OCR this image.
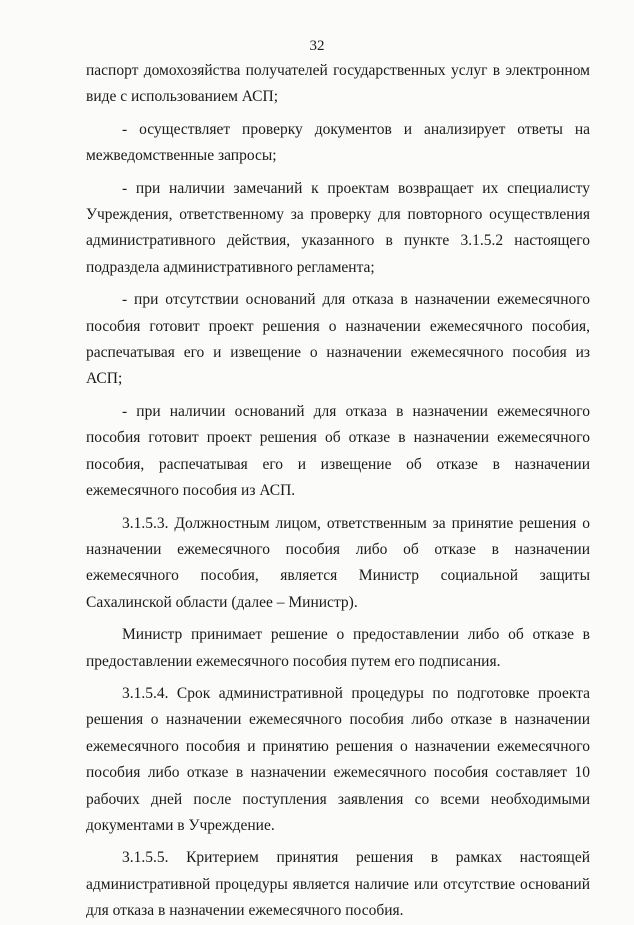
32

паспорт домохозяйства получателей государственных услуг в электронном виде с использованием АСП;

- осуществляет проверку документов и анализирует ответы на межведомственные запросы;

- при наличии замечаний к проектам возвращает их специалисту Учреждения, ответственному за проверку для повторного осуществления административного действия, указанного в пункте 3.1.5.2 настоящего подраздела административного регламента;

- при отсутствии оснований для отказа в назначении ежемесячного пособия готовит проект решения о назначении ежемесячного пособия, распечатывая его и извещение о назначении ежемесячного пособия из АСП;

- при наличии оснований для отказа в назначении ежемесячного пособия готовит проект решения об отказе в назначении ежемесячного пособия, распечатывая его и извещение об отказе в назначении ежемесячного пособия из АСП.

3.1.5.3. Должностным лицом, ответственным за принятие решения о назначении ежемесячного пособия либо об отказе в назначении ежемесячного пособия, является Министр социальной защиты Сахалинской области (далее – Министр).

Министр принимает решение о предоставлении либо об отказе в предоставлении ежемесячного пособия путем его подписания.

3.1.5.4. Срок административной процедуры по подготовке проекта решения о назначении ежемесячного пособия либо отказе в назначении ежемесячного пособия и принятию решения о назначении ежемесячного пособия либо отказе в назначении ежемесячного пособия составляет 10 рабочих дней после поступления заявления со всеми необходимыми документами в Учреждение.

3.1.5.5. Критерием принятия решения в рамках настоящей административной процедуры является наличие или отсутствие оснований для отказа в назначении ежемесячного пособия.
